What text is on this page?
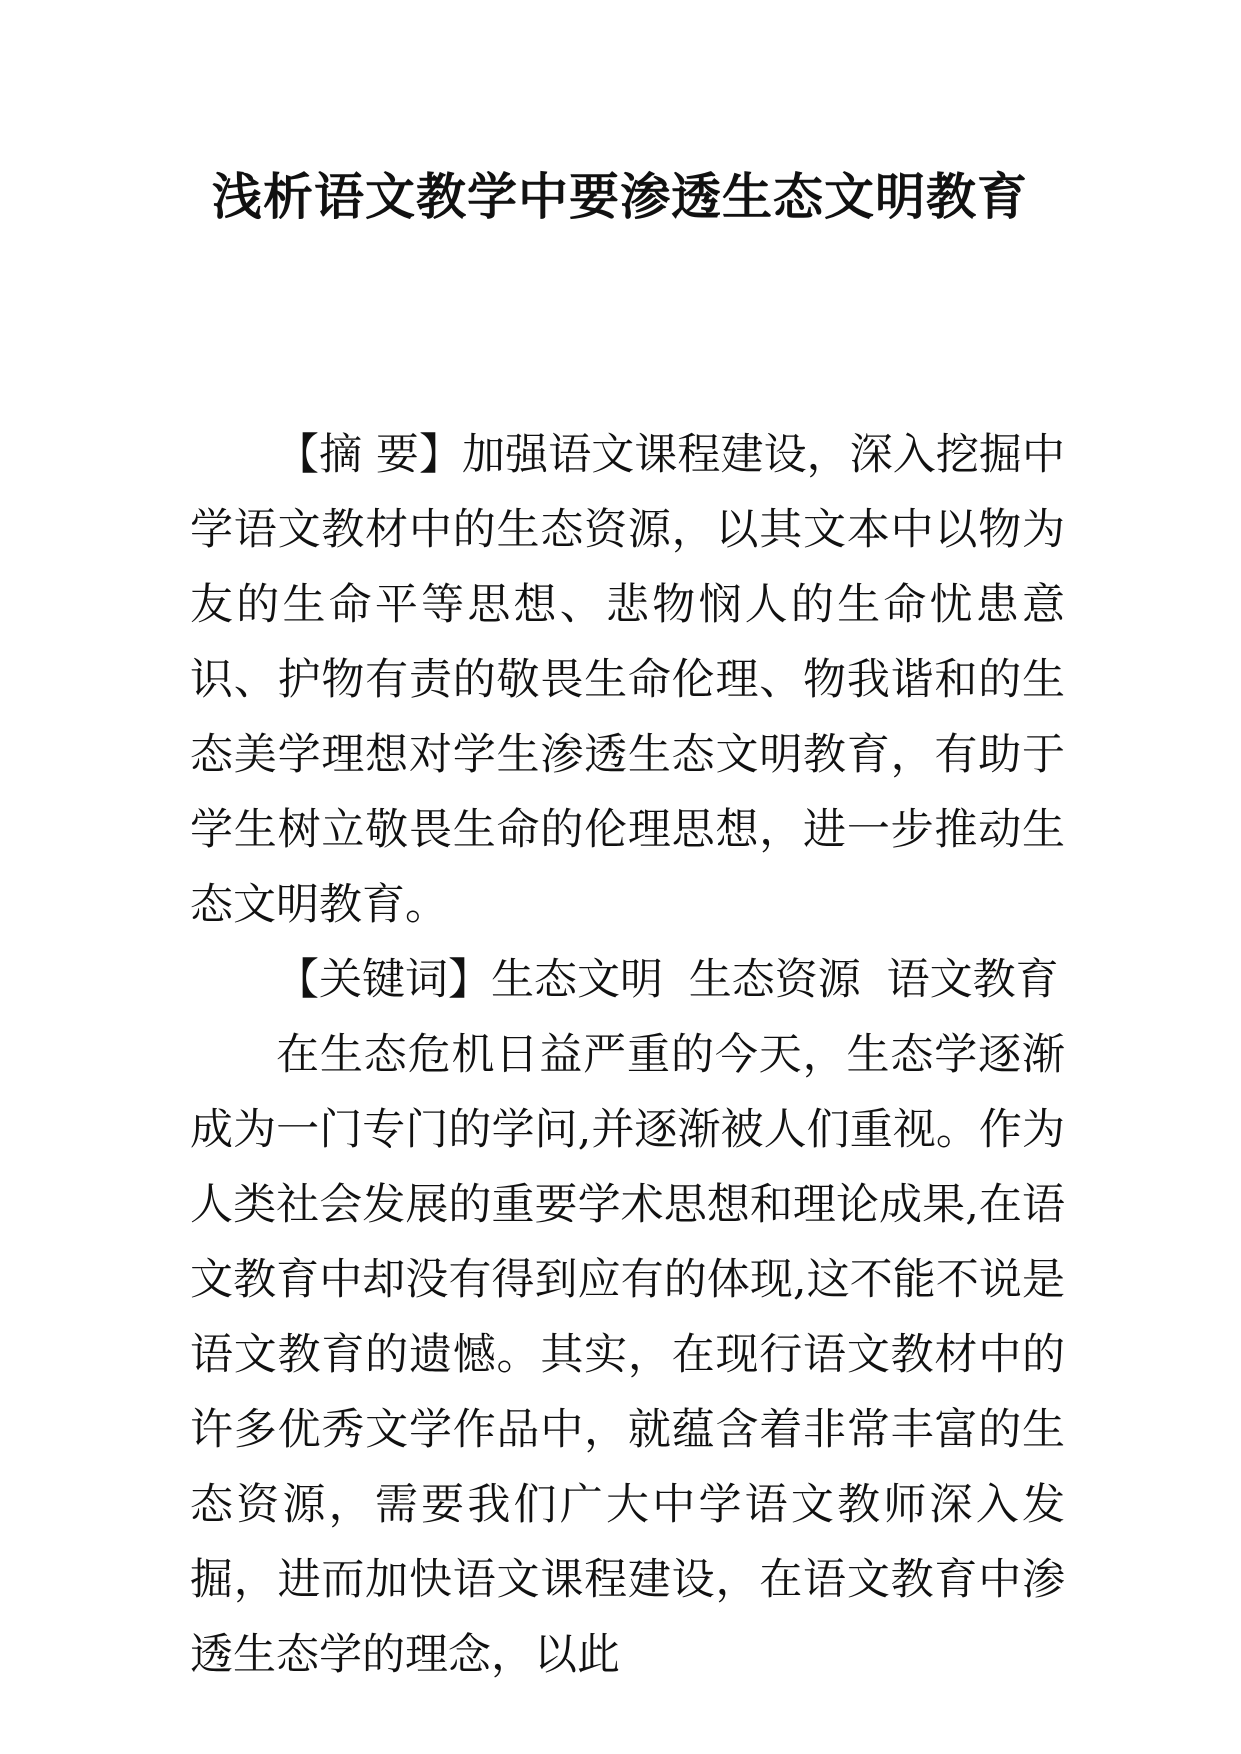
浅析语文教学中要渗透生态文明教育

【摘 要】加强语文课程建设，深入挖掘中学语文教材中的生态资源，以其文本中以物为友的生命平等思想、悲物悯人的生命忧患意识、护物有责的敬畏生命伦理、物我谐和的生态美学理想对学生渗透生态文明教育，有助于学生树立敬畏生命的伦理思想，进一步推动生态文明教育。

【关键词】生态文明 生态资源 语文教育

在生态危机日益严重的今天，生态学逐渐成为一门专门的学问,并逐渐被人们重视。作为人类社会发展的重要学术思想和理论成果,在语文教育中却没有得到应有的体现,这不能不说是语文教育的遗憾。其实，在现行语文教材中的许多优秀文学作品中，就蕴含着非常丰富的生态资源，需要我们广大中学语文教师深入发掘，进而加快语文课程建设，在语文教育中渗透生态学的理念，以此
